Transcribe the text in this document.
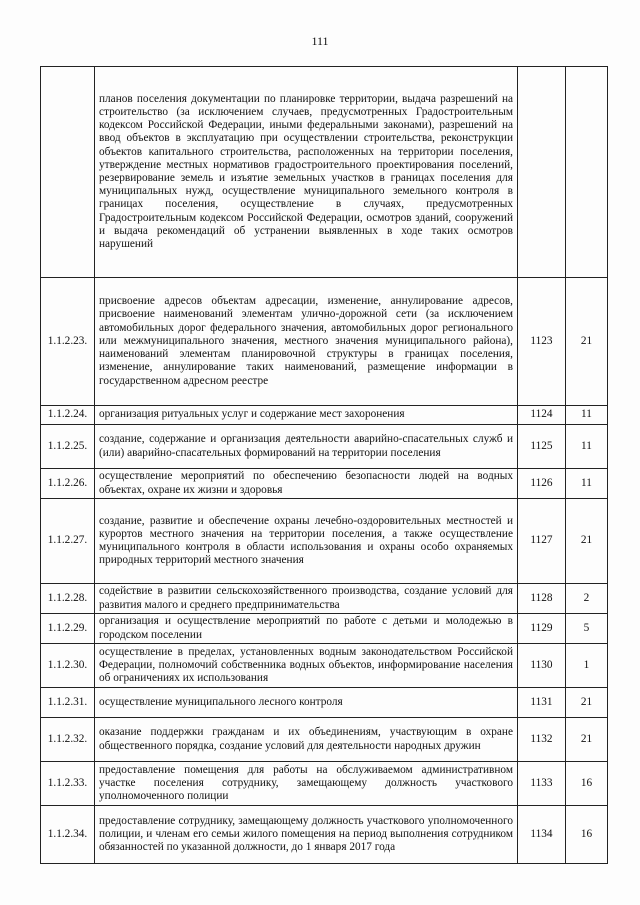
111
	планов поселения документации по планировке территории, выдача разрешений на строительство (за исключением случаев, предусмотренных Градостроительным кодексом Российской Федерации, иными федеральными законами), разрешений на ввод объектов в эксплуатацию при осуществлении строительства, реконструкции объектов капитального строительства, расположенных на территории поселения, утверждение местных нормативов градостроительного проектирования поселений, резервирование земель и изъятие земельных участков в границах поселения для муниципальных нужд, осуществление муниципального земельного контроля в границах поселения, осуществление в случаях, предусмотренных Градостроительным кодексом Российской Федерации, осмотров зданий, сооружений и выдача рекомендаций об устранении выявленных в ходе таких осмотров нарушений		
1.1.2.23.	присвоение адресов объектам адресации, изменение, аннулирование адресов, присвоение наименований элементам улично-дорожной сети (за исключением автомобильных дорог федерального значения, автомобильных дорог регионального или межмуниципального значения, местного значения муниципального района), наименований элементам планировочной структуры в границах поселения, изменение, аннулирование таких наименований, размещение информации в государственном адресном реестре	1123	21
1.1.2.24.	организация ритуальных услуг и содержание мест захоронения	1124	11
1.1.2.25.	создание, содержание и организация деятельности аварийно-спасательных служб и (или) аварийно-спасательных формирований на территории поселения	1125	11
1.1.2.26.	осуществление мероприятий по обеспечению безопасности людей на водных объектах, охране их жизни и здоровья	1126	11
1.1.2.27.	создание, развитие и обеспечение охраны лечебно-оздоровительных местностей и курортов местного значения на территории поселения, а также осуществление муниципального контроля в области использования и охраны особо охраняемых природных территорий местного значения	1127	21
1.1.2.28.	содействие в развитии сельскохозяйственного производства, создание условий для развития малого и среднего предпринимательства	1128	2
1.1.2.29.	организация и осуществление мероприятий по работе с детьми и молодежью в городском поселении	1129	5
1.1.2.30.	осуществление в пределах, установленных водным законодательством Российской Федерации, полномочий собственника водных объектов, информирование населения об ограничениях их использования	1130	1
1.1.2.31.	осуществление муниципального лесного контроля	1131	21
1.1.2.32.	оказание поддержки гражданам и их объединениям, участвующим в охране общественного порядка, создание условий для деятельности народных дружин	1132	21
1.1.2.33.	предоставление помещения для работы на обслуживаемом административном участке поселения сотруднику, замещающему должность участкового уполномоченного полиции	1133	16
1.1.2.34.	предоставление сотруднику, замещающему должность участкового уполномоченного полиции, и членам его семьи жилого помещения на период выполнения сотрудником обязанностей по указанной должности, до 1 января 2017 года	1134	16
